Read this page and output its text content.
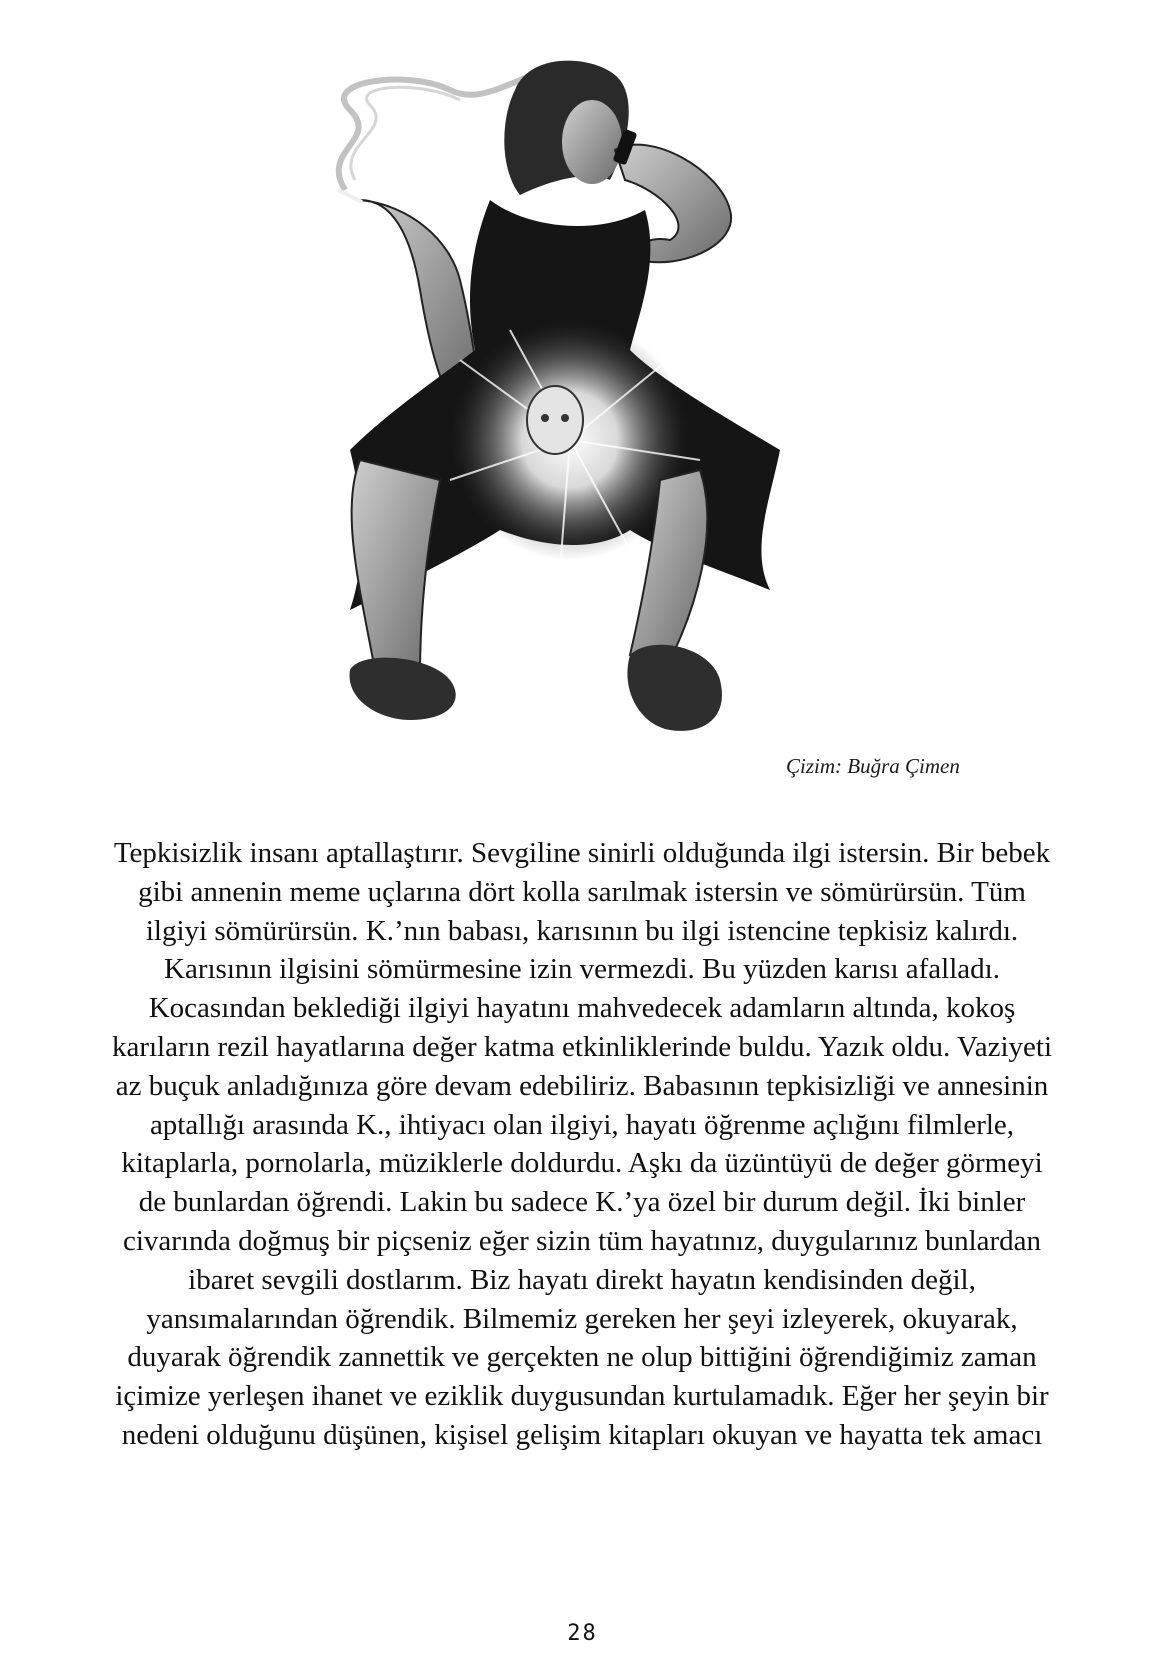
Çizim: Buğra Çimen
Tepkisizlik insanı aptallaştırır. Sevgiline sinirli olduğunda ilgi istersin. Bir bebek
gibi annenin meme uçlarına dört kolla sarılmak istersin ve sömürürsün. Tüm
ilgiyi sömürürsün. K.’nın babası, karısının bu ilgi istencine tepkisiz kalırdı.
Karısının ilgisini sömürmesine izin vermezdi. Bu yüzden karısı afalladı.
Kocasından beklediği ilgiyi hayatını mahvedecek adamların altında, kokoş
karıların rezil hayatlarına değer katma etkinliklerinde buldu. Yazık oldu. Vaziyeti
az buçuk anladığınıza göre devam edebiliriz. Babasının tepkisizliği ve annesinin
aptallığı arasında K., ihtiyacı olan ilgiyi, hayatı öğrenme açlığını filmlerle,
kitaplarla, pornolarla, müziklerle doldurdu. Aşkı da üzüntüyü de değer görmeyi
de bunlardan öğrendi. Lakin bu sadece K.’ya özel bir durum değil. İki binler
civarında doğmuş bir piçseniz eğer sizin tüm hayatınız, duygularınız bunlardan
ibaret sevgili dostlarım. Biz hayatı direkt hayatın kendisinden değil,
yansımalarından öğrendik. Bilmemiz gereken her şeyi izleyerek, okuyarak,
duyarak öğrendik zannettik ve gerçekten ne olup bittiğini öğrendiğimiz zaman
içimize yerleşen ihanet ve eziklik duygusundan kurtulamadık. Eğer her şeyin bir
nedeni olduğunu düşünen, kişisel gelişim kitapları okuyan ve hayatta tek amacı
28
